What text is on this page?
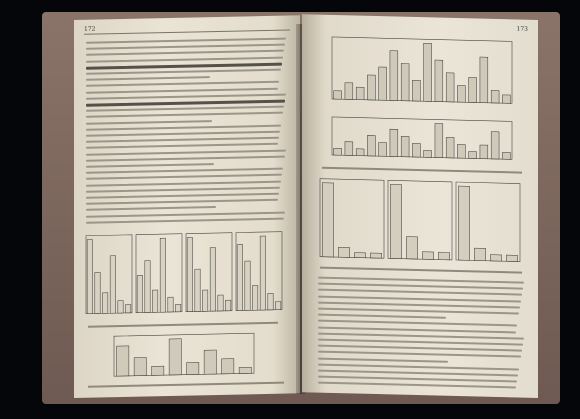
172	173
